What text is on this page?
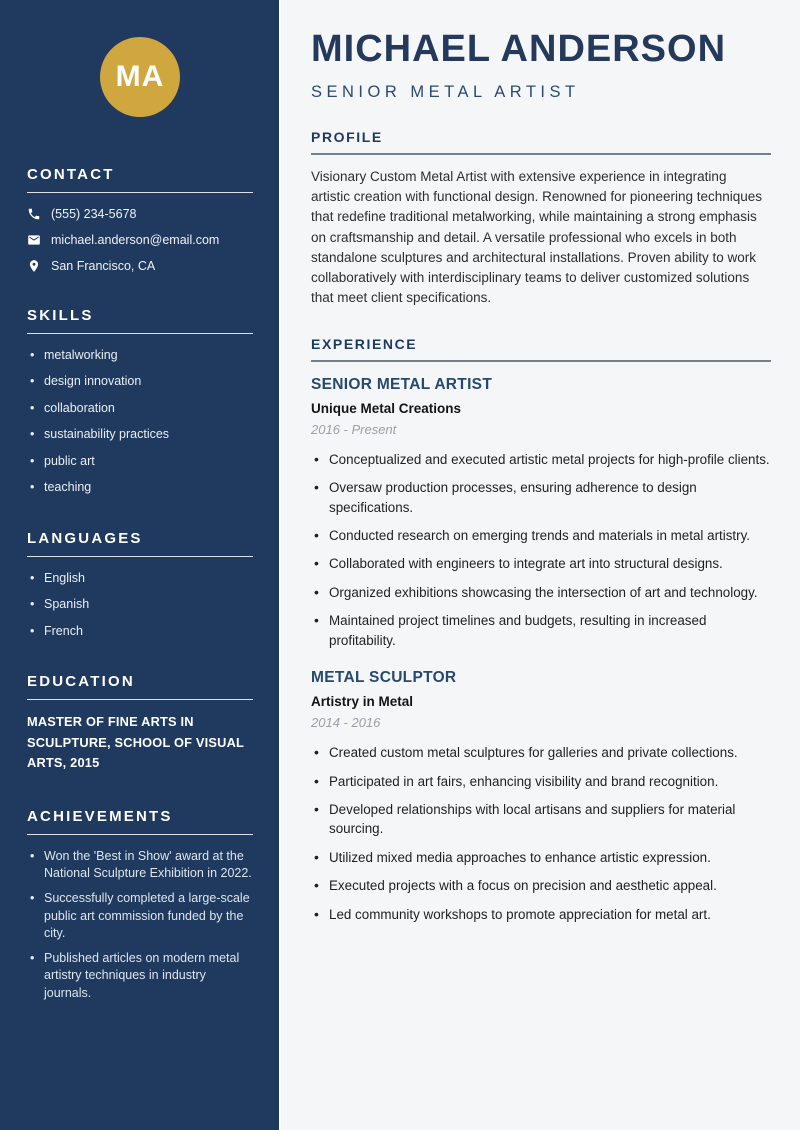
MA
CONTACT
(555) 234-5678
michael.anderson@email.com
San Francisco, CA
SKILLS
• metalworking
• design innovation
• collaboration
• sustainability practices
• public art
• teaching
LANGUAGES
• English
• Spanish
• French
EDUCATION
MASTER OF FINE ARTS IN SCULPTURE, SCHOOL OF VISUAL ARTS, 2015
ACHIEVEMENTS
• Won the 'Best in Show' award at the National Sculpture Exhibition in 2022.
• Successfully completed a large-scale public art commission funded by the city.
• Published articles on modern metal artistry techniques in industry journals.
MICHAEL ANDERSON
SENIOR METAL ARTIST
PROFILE

Visionary Custom Metal Artist with extensive experience in integrating artistic creation with functional design. Renowned for pioneering techniques that redefine traditional metalworking, while maintaining a strong emphasis on craftsmanship and detail. A versatile professional who excels in both standalone sculptures and architectural installations. Proven ability to work collaboratively with interdisciplinary teams to deliver customized solutions that meet client specifications.

EXPERIENCE
SENIOR METAL ARTIST
Unique Metal Creations
2016 - Present
• Conceptualized and executed artistic metal projects for high-profile clients.
• Oversaw production processes, ensuring adherence to design specifications.
• Conducted research on emerging trends and materials in metal artistry.
• Collaborated with engineers to integrate art into structural designs.
• Organized exhibitions showcasing the intersection of art and technology.
• Maintained project timelines and budgets, resulting in increased profitability.
METAL SCULPTOR
Artistry in Metal
2014 - 2016
• Created custom metal sculptures for galleries and private collections.
• Participated in art fairs, enhancing visibility and brand recognition.
• Developed relationships with local artisans and suppliers for material sourcing.
• Utilized mixed media approaches to enhance artistic expression.
• Executed projects with a focus on precision and aesthetic appeal.
• Led community workshops to promote appreciation for metal art.
